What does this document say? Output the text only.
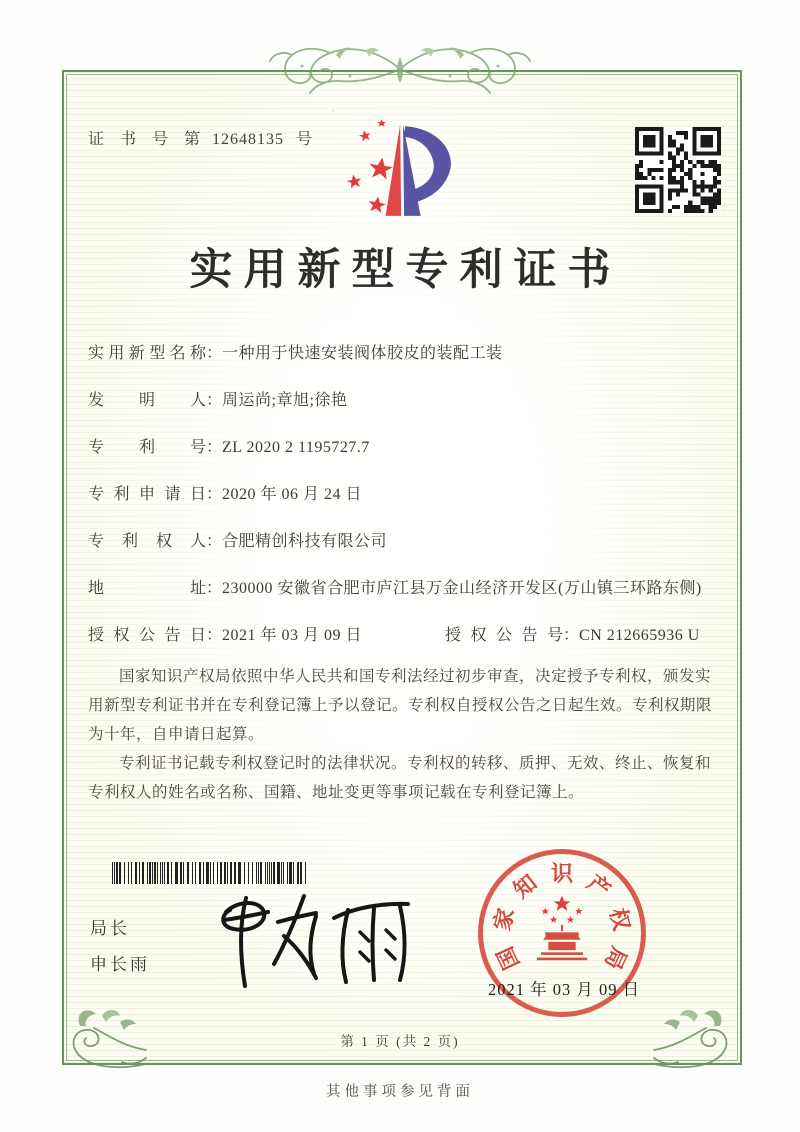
证 书 号 第 12648135 号
实用新型专利证书
实用新型名称 ： 一种用于快速安装阀体胶皮的装配工装
发明人 ： 周运尚;章旭;徐艳
专利号 ： ZL 2020 2 1195727.7
专利申请日 ： 2020 年 06 月 24 日
专利权人 ： 合肥精创科技有限公司
地址 ： 230000 安徽省合肥市庐江县万金山经济开发区(万山镇三环路东侧)
授权公告日 ： 2021 年 03 月 09 日	授权公告号 ： CN 212665936 U

国家知识产权局依照中华人民共和国专利法经过初步审查，决定授予专利权，颁发实用新型专利证书并在专利登记簿上予以登记。专利权自授权公告之日起生效。专利权期限为十年，自申请日起算。

专利证书记载专利权登记时的法律状况。专利权的转移、质押、无效、终止、恢复和专利权人的姓名或名称、国籍、地址变更等事项记载在专利登记簿上。

局长
申长雨	国
家
知 识 产
权
局
2021 年 03 月 09 日
第 1 页 (共 2 页)
其他事项参见背面
